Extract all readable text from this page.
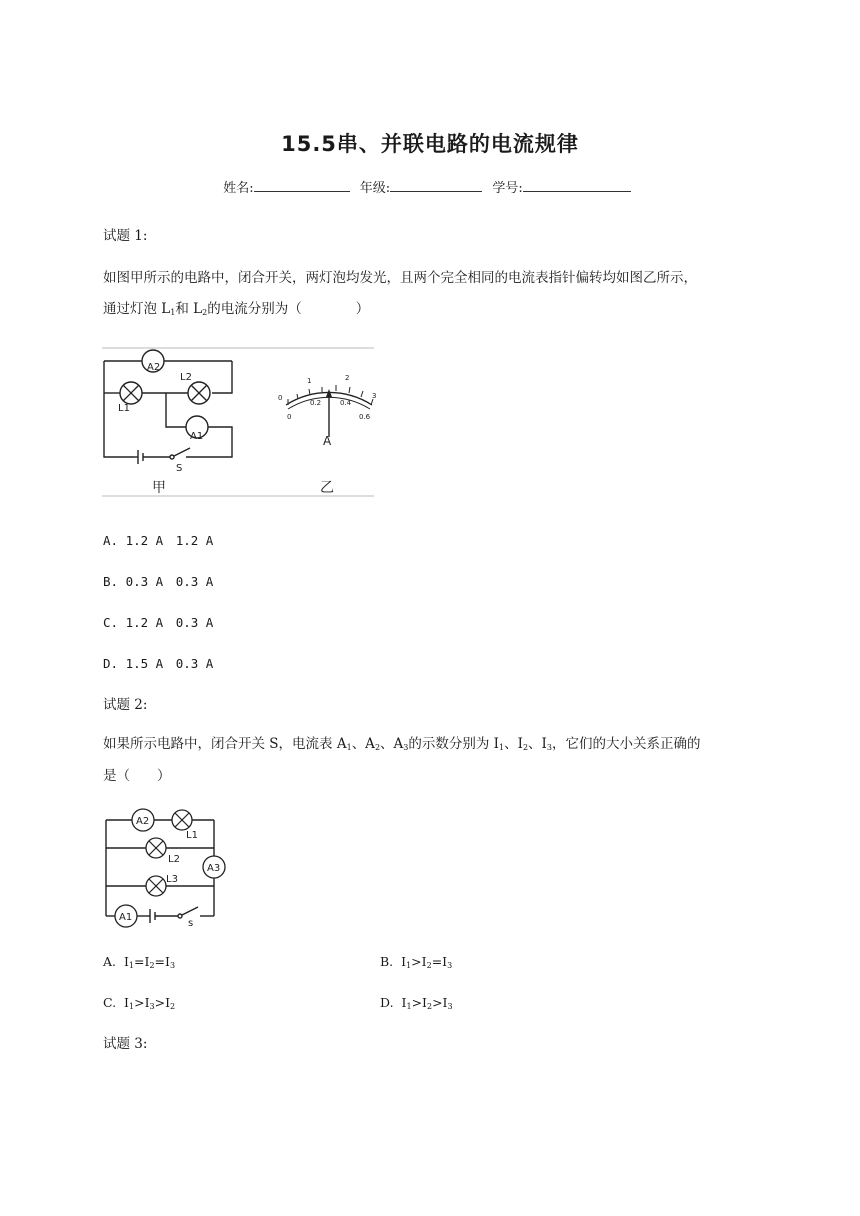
15.5串、并联电路的电流规律
姓名:	年级:	学号:
试题 1:
如图甲所示的电路中，闭合开关，两灯泡均发光，且两个完全相同的电流表指针偏转均如图乙所示，
通过灯泡 $L_1$和 $L_2$的电流分别为（　　　　）
A2
L1
L2
A1
S
甲	乙
0
1	2
3
0
0.2	0.4
0.6
A
A. 1.2 A　1.2 A
B. 0.3 A　0.3 A
C. 1.2 A　0.3 A
D. 1.5 A　0.3 A
试题 2:
如果所示电路中，闭合开关 S，电流表 $A_1$、$A_2$、$A_3$的示数分别为 $I_1$、$I_2$、$I_3$，它们的大小关系正确的
是（　　）
A2
L1
L2
A3
L3
A1
s
A. $I_1=I_2=I_3$	B. $I_1>I_2=I_3$
C. $I_1>I_3>I_2$	D. $I_1>I_2>I_3$
试题 3:
